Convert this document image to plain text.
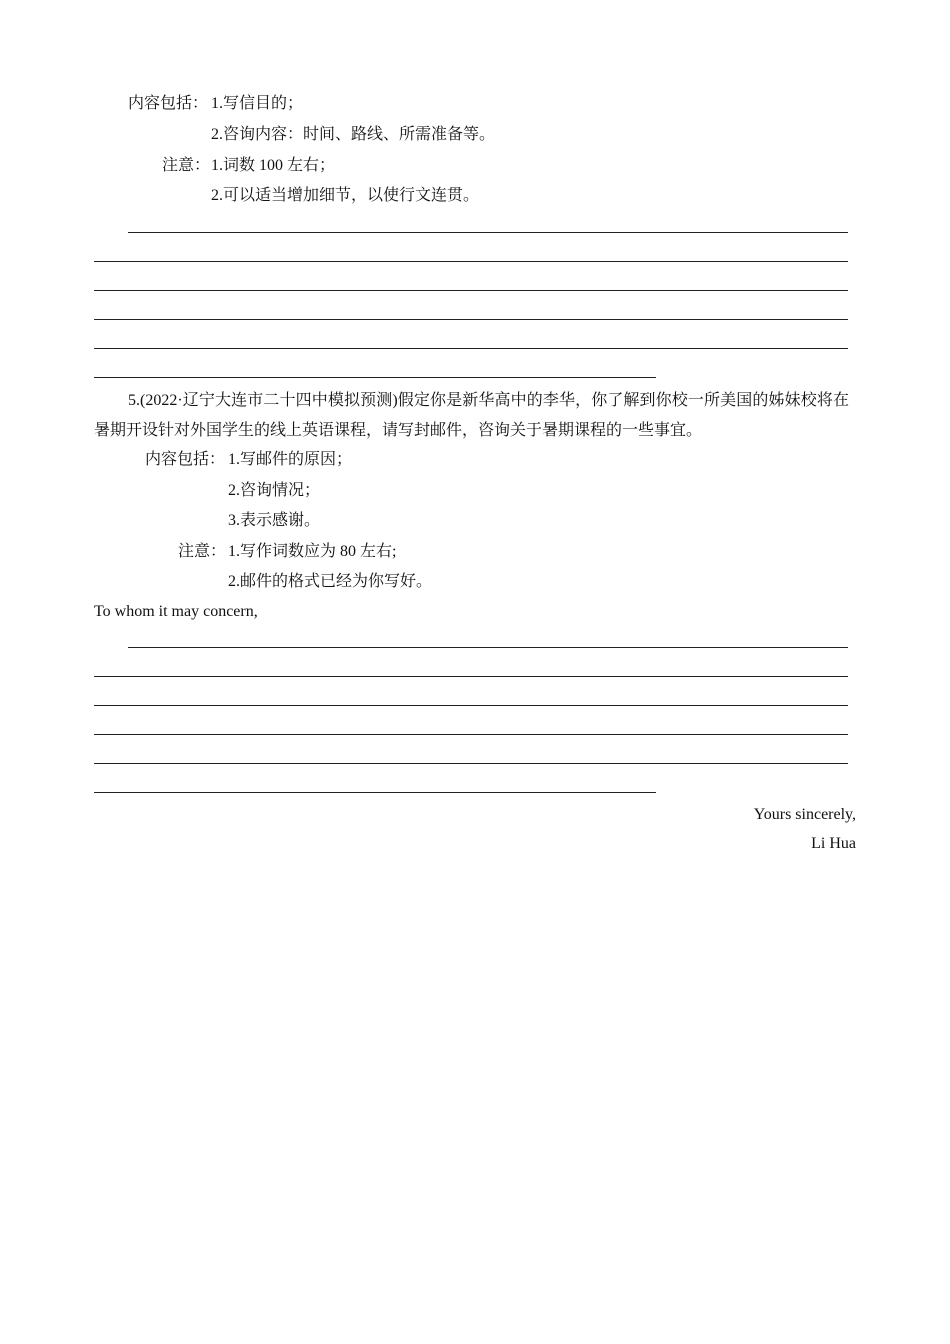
内容包括： 1.写信目的；
2.咨询内容：时间、路线、所需准备等。
注意： 1.词数 100 左右；
2.可以适当增加细节，以使行文连贯。
5.(2022·辽宁大连市二十四中模拟预测)假定你是新华高中的李华，你了解到你校一所美国的姊妹校将在暑期开设针对外国学生的线上英语课程，请写封邮件，咨询关于暑期课程的一些事宜。
内容包括： 1.写邮件的原因；
2.咨询情况；
3.表示感谢。
注意： 1.写作词数应为 80 左右;
2.邮件的格式已经为你写好。
To whom it may concern,
Yours sincerely,
Li Hua
